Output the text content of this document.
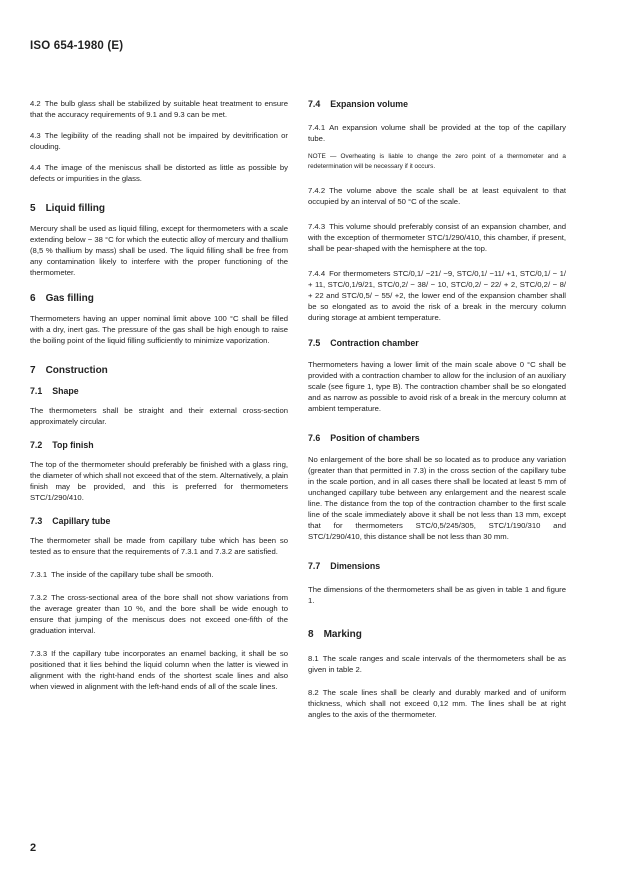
ISO 654-1980 (E)

4.2 The bulb glass shall be stabilized by suitable heat treatment to ensure that the accuracy requirements of 9.1 and 9.3 can be met.

4.3 The legibility of the reading shall not be impaired by devitrification or clouding.

4.4 The image of the meniscus shall be distorted as little as possible by defects or impurities in the glass.

5 Liquid filling

Mercury shall be used as liquid filling, except for thermometers with a scale extending below − 38 °C for which the eutectic alloy of mercury and thallium (8,5 % thallium by mass) shall be used. The liquid filling shall be free from any contamination likely to interfere with the proper functioning of the thermometer.

6 Gas filling

Thermometers having an upper nominal limit above 100 °C shall be filled with a dry, inert gas. The pressure of the gas shall be high enough to raise the boiling point of the liquid filling sufficiently to minimize vaporization.

7 Construction
7.1 Shape

The thermometers shall be straight and their external cross-section approximately circular.

7.2 Top finish

The top of the thermometer should preferably be finished with a glass ring, the diameter of which shall not exceed that of the stem. Alternatively, a plain finish may be provided, and this is preferred for thermometers STC/1/290/410.

7.3 Capillary tube

The thermometer shall be made from capillary tube which has been so tested as to ensure that the requirements of 7.3.1 and 7.3.2 are satisfied.

7.3.1 The inside of the capillary tube shall be smooth.

7.3.2 The cross-sectional area of the bore shall not show variations from the average greater than 10 %, and the bore shall be wide enough to ensure that jumping of the meniscus does not exceed one-fifth of the graduation interval.

7.3.3 If the capillary tube incorporates an enamel backing, it shall be so positioned that it lies behind the liquid column when the latter is viewed in alignment with the right-hand ends of the shortest scale lines and also when viewed in alignment with the left-hand ends of all of the scale lines.

7.4 Expansion volume

7.4.1 An expansion volume shall be provided at the top of the capillary tube.

NOTE — Overheating is liable to change the zero point of a thermometer and a redetermination will be necessary if it occurs.

7.4.2 The volume above the scale shall be at least equivalent to that occupied by an interval of 50 °C of the scale.

7.4.3 This volume should preferably consist of an expansion chamber, and with the exception of thermometer STC/1/290/410, this chamber, if present, shall be pear-shaped with the hemisphere at the top.

7.4.4 For thermometers STC/0,1/ −21/ −9, STC/0,1/ −11/ +1, STC/0,1/ − 1/ + 11, STC/0,1/9/21, STC/0,2/ − 38/ − 10, STC/0,2/ − 22/ + 2, STC/0,2/ − 8/ + 22 and STC/0,5/ − 55/ +2, the lower end of the expansion chamber shall be so elongated as to avoid the risk of a break in the mercury column during storage at ambient temperature.

7.5 Contraction chamber

Thermometers having a lower limit of the main scale above 0 °C shall be provided with a contraction chamber to allow for the inclusion of an auxiliary scale (see figure 1, type B). The contraction chamber shall be so elongated and as narrow as possible to avoid risk of a break in the mercury column at ambient temperature.

7.6 Position of chambers

No enlargement of the bore shall be so located as to produce any variation (greater than that permitted in 7.3) in the cross section of the capillary tube in the scale portion, and in all cases there shall be located at least 5 mm of unchanged capillary tube between any enlargement and the nearest scale line. The distance from the top of the contraction chamber to the first scale line of the scale immediately above it shall be not less than 13 mm, except that for thermometers STC/0,5/245/305, STC/1/190/310 and STC/1/290/410, this distance shall be not less than 30 mm.

7.7 Dimensions

The dimensions of the thermometers shall be as given in table 1 and figure 1.

8 Marking

8.1 The scale ranges and scale intervals of the thermometers shall be as given in table 2.

8.2 The scale lines shall be clearly and durably marked and of uniform thickness, which shall not exceed 0,12 mm. The lines shall be at right angles to the axis of the thermometer.

2
